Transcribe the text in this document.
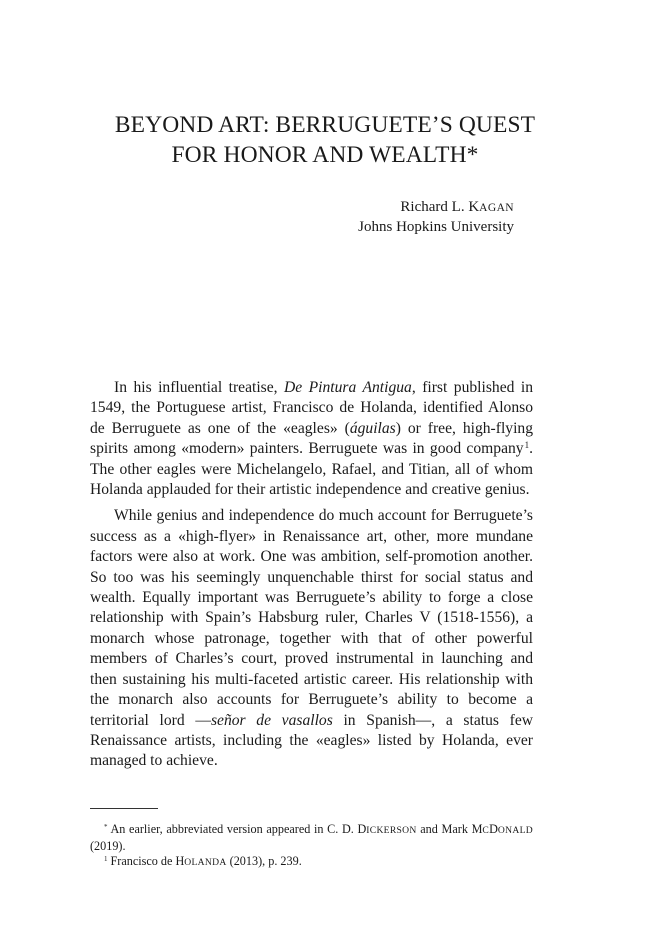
BEYOND ART: BERRUGUETE’S QUEST
FOR HONOR AND WEALTH*
Richard L. KAGAN
Johns Hopkins University

In his influential treatise, De Pintura Antigua, first published in 1549, the Portuguese artist, Francisco de Holanda, identified Alonso de Berruguete as one of the «eagles» (águilas) or free, high-flying spirits among «modern» painters. Berruguete was in good company$^1$. The other eagles were Michelangelo, Rafael, and Titian, all of whom Holanda applauded for their artistic independence and creative genius.

While genius and independence do much account for Berruguete’s success as a «high-flyer» in Renaissance art, other, more mundane factors were also at work. One was ambition, self-promotion another. So too was his seemingly unquenchable thirst for social status and wealth. Equally important was Berruguete’s ability to forge a close relationship with Spain’s Habsburg ruler, Charles V (1518-1556), a monarch whose patronage, together with that of other powerful members of Charles’s court, proved instrumental in launching and then sustaining his multi-faceted artistic career. His relationship with the monarch also accounts for Berruguete’s ability to become a territorial lord —señor de vasallos in Spanish—, a status few Renaissance artists, including the «eagles» listed by Holanda, ever managed to achieve.

* An earlier, abbreviated version appeared in C. D. DICKERSON and Mark MCDONALD (2019).

$^1$ Francisco de HOLANDA (2013), p. 239.
